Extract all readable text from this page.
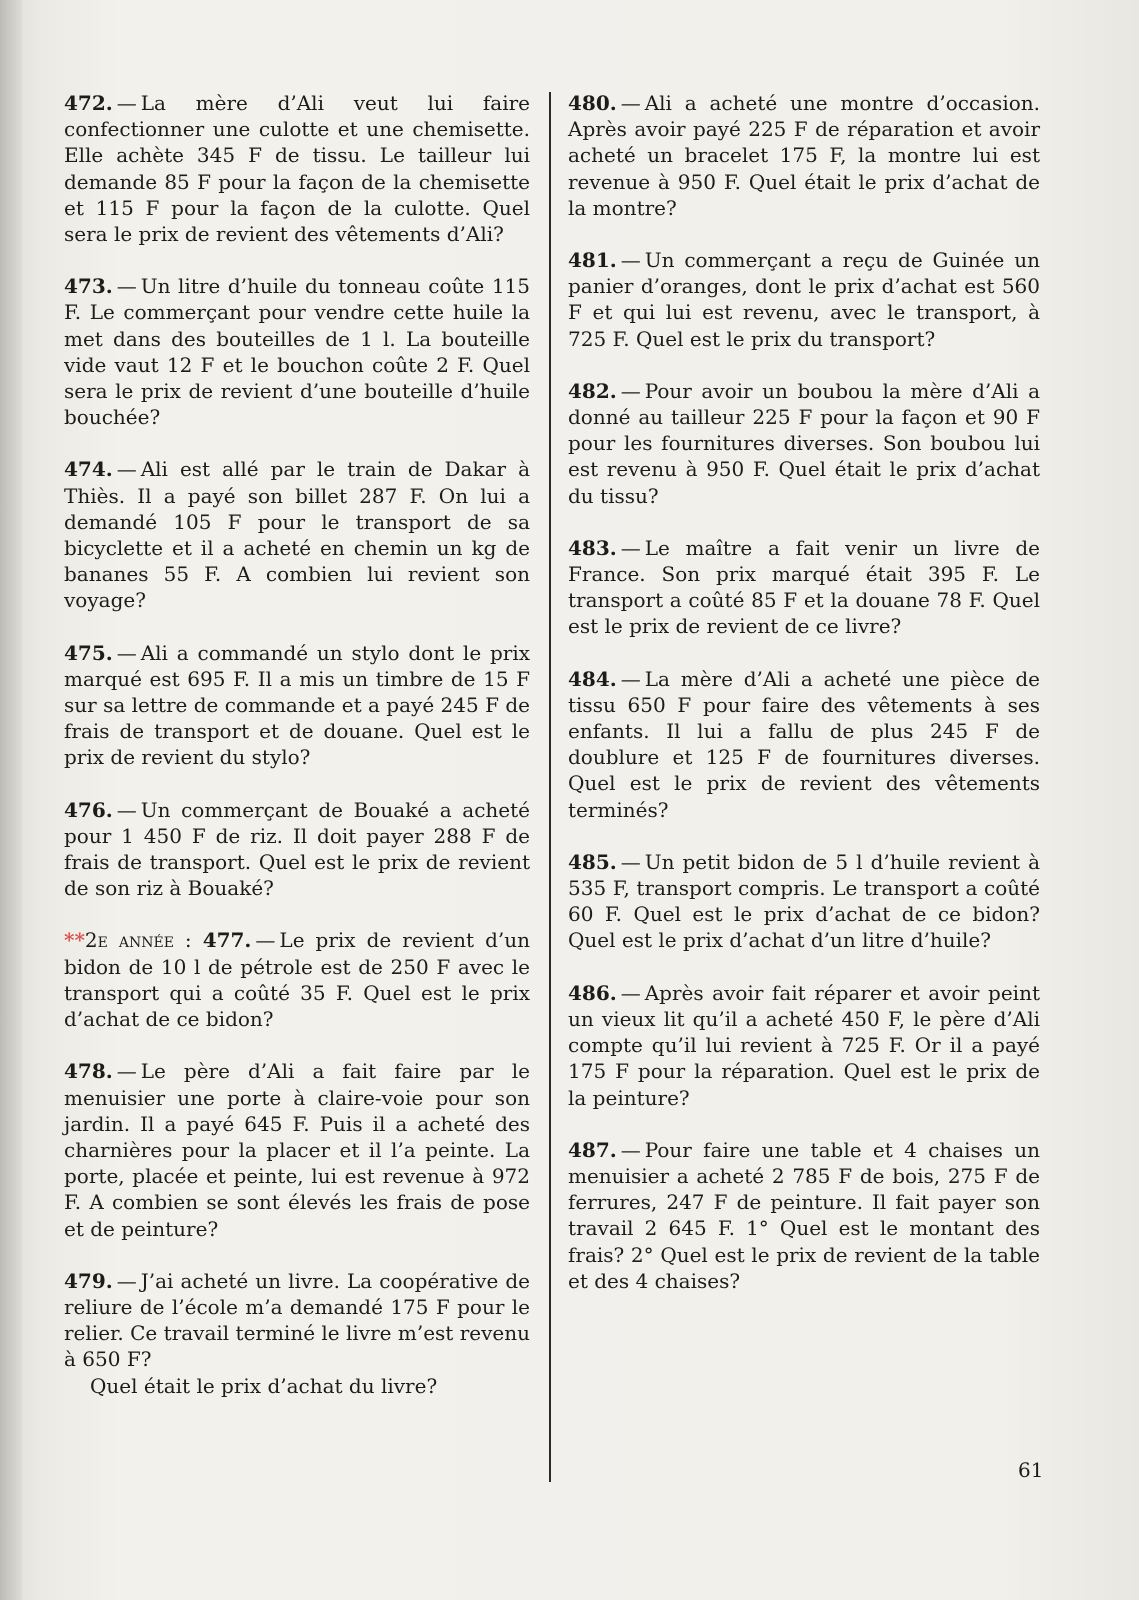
472. — La mère d’Ali veut lui faire confectionner une culotte et une chemisette. Elle achète 345 F de tissu. Le tailleur lui demande 85 F pour la façon de la chemisette et 115 F pour la façon de la culotte. Quel sera le prix de revient des vêtements d’Ali?

473. — Un litre d’huile du tonneau coûte 115 F. Le commerçant pour vendre cette huile la met dans des bouteilles de 1 l. La bouteille vide vaut 12 F et le bouchon coûte 2 F. Quel sera le prix de revient d’une bouteille d’huile bouchée?

474. — Ali est allé par le train de Dakar à Thiès. Il a payé son billet 287 F. On lui a demandé 105 F pour le transport de sa bicyclette et il a acheté en chemin un kg de bananes 55 F. A combien lui revient son voyage?

475. — Ali a commandé un stylo dont le prix marqué est 695 F. Il a mis un timbre de 15 F sur sa lettre de commande et a payé 245 F de frais de transport et de douane. Quel est le prix de revient du stylo?

476. — Un commerçant de Bouaké a acheté pour 1 450 F de riz. Il doit payer 288 F de frais de transport. Quel est le prix de revient de son riz à Bouaké?

**2e année : 477. — Le prix de revient d’un bidon de 10 l de pétrole est de 250 F avec le transport qui a coûté 35 F. Quel est le prix d’achat de ce bidon?

478. — Le père d’Ali a fait faire par le menuisier une porte à claire-voie pour son jardin. Il a payé 645 F. Puis il a acheté des charnières pour la placer et il l’a peinte. La porte, placée et peinte, lui est revenue à 972 F. A combien se sont élevés les frais de pose et de peinture?

479. — J’ai acheté un livre. La coopérative de reliure de l’école m’a demandé 175 F pour le relier. Ce travail terminé le livre m’est revenu à 650 F?
Quel était le prix d’achat du livre?

480. — Ali a acheté une montre d’occasion. Après avoir payé 225 F de réparation et avoir acheté un bracelet 175 F, la montre lui est revenue à 950 F. Quel était le prix d’achat de la montre?

481. — Un commerçant a reçu de Guinée un panier d’oranges, dont le prix d’achat est 560 F et qui lui est revenu, avec le transport, à 725 F. Quel est le prix du transport?

482. — Pour avoir un boubou la mère d’Ali a donné au tailleur 225 F pour la façon et 90 F pour les fournitures diverses. Son boubou lui est revenu à 950 F. Quel était le prix d’achat du tissu?

483. — Le maître a fait venir un livre de France. Son prix marqué était 395 F. Le transport a coûté 85 F et la douane 78 F. Quel est le prix de revient de ce livre?

484. — La mère d’Ali a acheté une pièce de tissu 650 F pour faire des vêtements à ses enfants. Il lui a fallu de plus 245 F de doublure et 125 F de fournitures diverses. Quel est le prix de revient des vêtements terminés?

485. — Un petit bidon de 5 l d’huile revient à 535 F, transport compris. Le transport a coûté 60 F. Quel est le prix d’achat de ce bidon? Quel est le prix d’achat d’un litre d’huile?

486. — Après avoir fait réparer et avoir peint un vieux lit qu’il a acheté 450 F, le père d’Ali compte qu’il lui revient à 725 F. Or il a payé 175 F pour la réparation. Quel est le prix de la peinture?

487. — Pour faire une table et 4 chaises un menuisier a acheté 2 785 F de bois, 275 F de ferrures, 247 F de peinture. Il fait payer son travail 2 645 F. 1° Quel est le montant des frais? 2° Quel est le prix de revient de la table et des 4 chaises?

61
